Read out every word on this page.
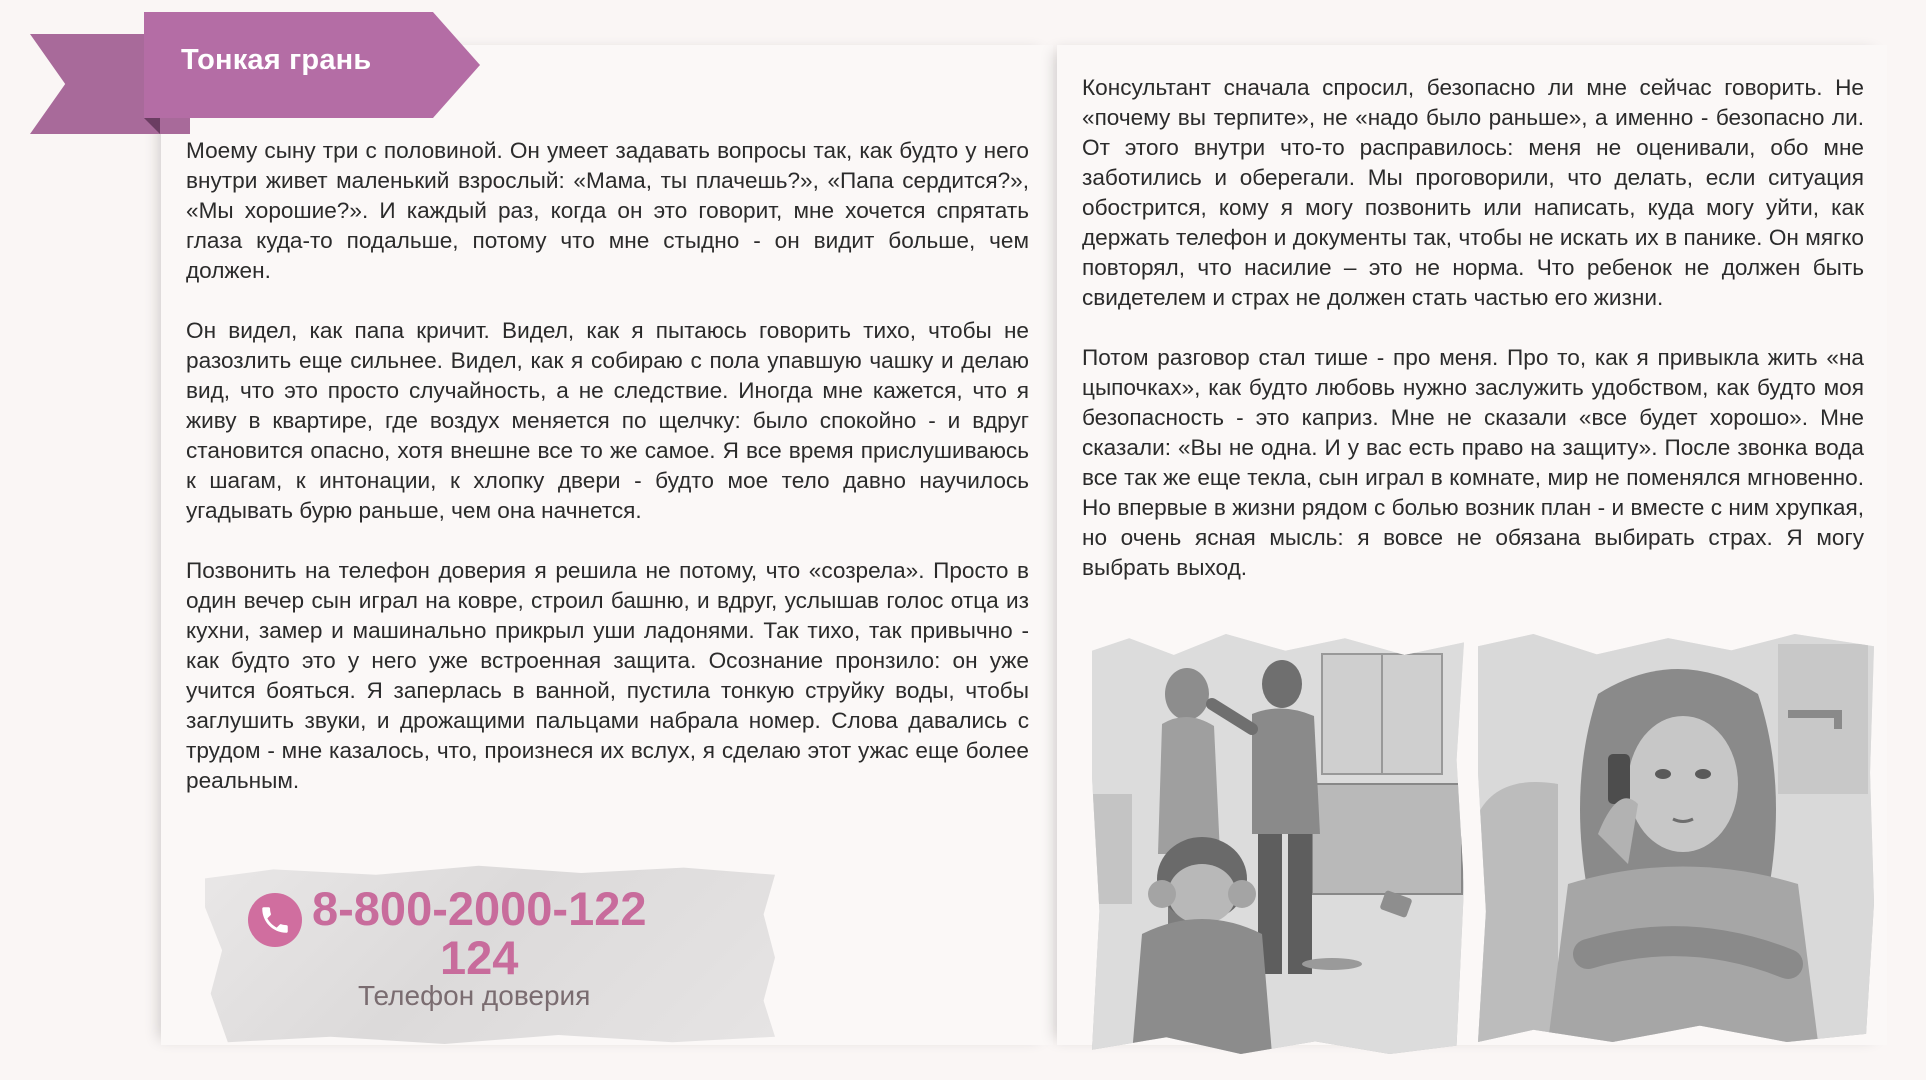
Тонкая грань

Моему сыну три с половиной. Он умеет задавать вопросы так, как будто у него внутри живет маленький взрослый: «Мама, ты плачешь?», «Папа сердится?», «Мы хорошие?». И каждый раз, когда он это говорит, мне хочется спрятать глаза куда-то подальше, потому что мне стыдно - он видит больше, чем должен.

Он видел, как папа кричит. Видел, как я пытаюсь говорить тихо, чтобы не разозлить еще сильнее. Видел, как я собираю с пола упавшую чашку и делаю вид, что это просто случайность, а не следствие. Иногда мне кажется, что я живу в квартире, где воздух меняется по щелчку: было спокойно - и вдруг становится опасно, хотя внешне все то же самое. Я все время прислушиваюсь к шагам, к интонации, к хлопку двери - будто мое тело давно научилось угадывать бурю раньше, чем она начнется.

Позвонить на телефон доверия я решила не потому, что «созрела». Просто в один вечер сын играл на ковре, строил башню, и вдруг, услышав голос отца из кухни, замер и машинально прикрыл уши ладонями. Так тихо, так привычно - как будто это у него уже встроенная защита. Осознание пронзило: он уже учится бояться. Я заперлась в ванной, пустила тонкую струйку воды, чтобы заглушить звуки, и дрожащими пальцами набрала номер. Слова давались с трудом - мне казалось, что, произнеся их вслух, я сделаю этот ужас еще более реальным.

Консультант сначала спросил, безопасно ли мне сейчас говорить. Не «почему вы терпите», не «надо было раньше», а именно - безопасно ли. От этого внутри что-то расправилось: меня не оценивали, обо мне заботились и оберегали. Мы проговорили, что делать, если ситуация обострится, кому я могу позвонить или написать, куда могу уйти, как держать телефон и документы так, чтобы не искать их в панике. Он мягко повторял, что насилие – это не норма. Что ребенок не должен быть свидетелем и страх не должен стать частью его жизни.

Потом разговор стал тише - про меня. Про то, как я привыкла жить «на цыпочках», как будто любовь нужно заслужить удобством, как будто моя безопасность - это каприз. Мне не сказали «все будет хорошо». Мне сказали: «Вы не одна. И у вас есть право на защиту». После звонка вода все так же еще текла, сын играл в комнате, мир не поменялся мгновенно. Но впервые в жизни рядом с болью возник план - и вместе с ним хрупкая, но очень ясная мысль: я вовсе не обязана выбирать страх. Я могу выбрать выход.

8-800-2000-122
124
Телефон доверия
